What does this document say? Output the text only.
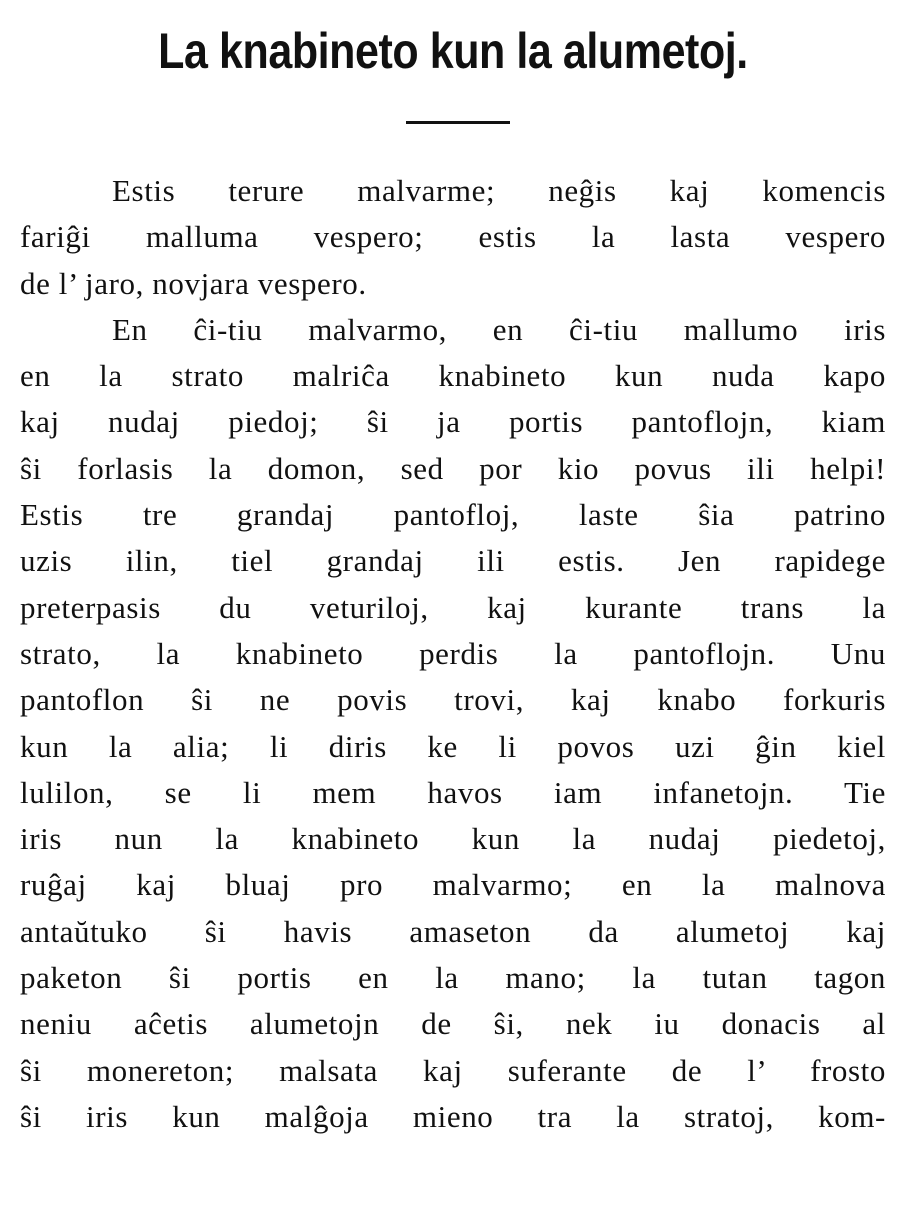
La knabineto kun la alumetoj.
Estis terure malvarme; neĝis kaj komencis
fariĝi malluma vespero; estis la lasta vespero
de l’ jaro, novjara vespero.
En ĉi-tiu malvarmo, en ĉi-tiu mallumo iris
en la strato malriĉa knabineto kun nuda kapo
kaj nudaj piedoj; ŝi ja portis pantoflojn, kiam
ŝi forlasis la domon, sed por kio povus ili helpi!
Estis tre grandaj pantofloj, laste ŝia patrino
uzis ilin, tiel grandaj ili estis. Jen rapidege
preterpasis du veturiloj, kaj kurante trans la
strato, la knabineto perdis la pantoflojn. Unu
pantoflon ŝi ne povis trovi, kaj knabo forkuris
kun la alia; li diris ke li povos uzi ĝin kiel
lulilon, se li mem havos iam infanetojn. Tie
iris nun la knabineto kun la nudaj piedetoj,
ruĝaj kaj bluaj pro malvarmo; en la malnova
antaŭtuko ŝi havis amaseton da alumetoj kaj
paketon ŝi portis en la mano; la tutan tagon
neniu aĉetis alumetojn de ŝi, nek iu donacis al
ŝi monereton; malsata kaj suferante de l’ frosto
ŝi iris kun malĝoja mieno tra la stratoj, kom-
